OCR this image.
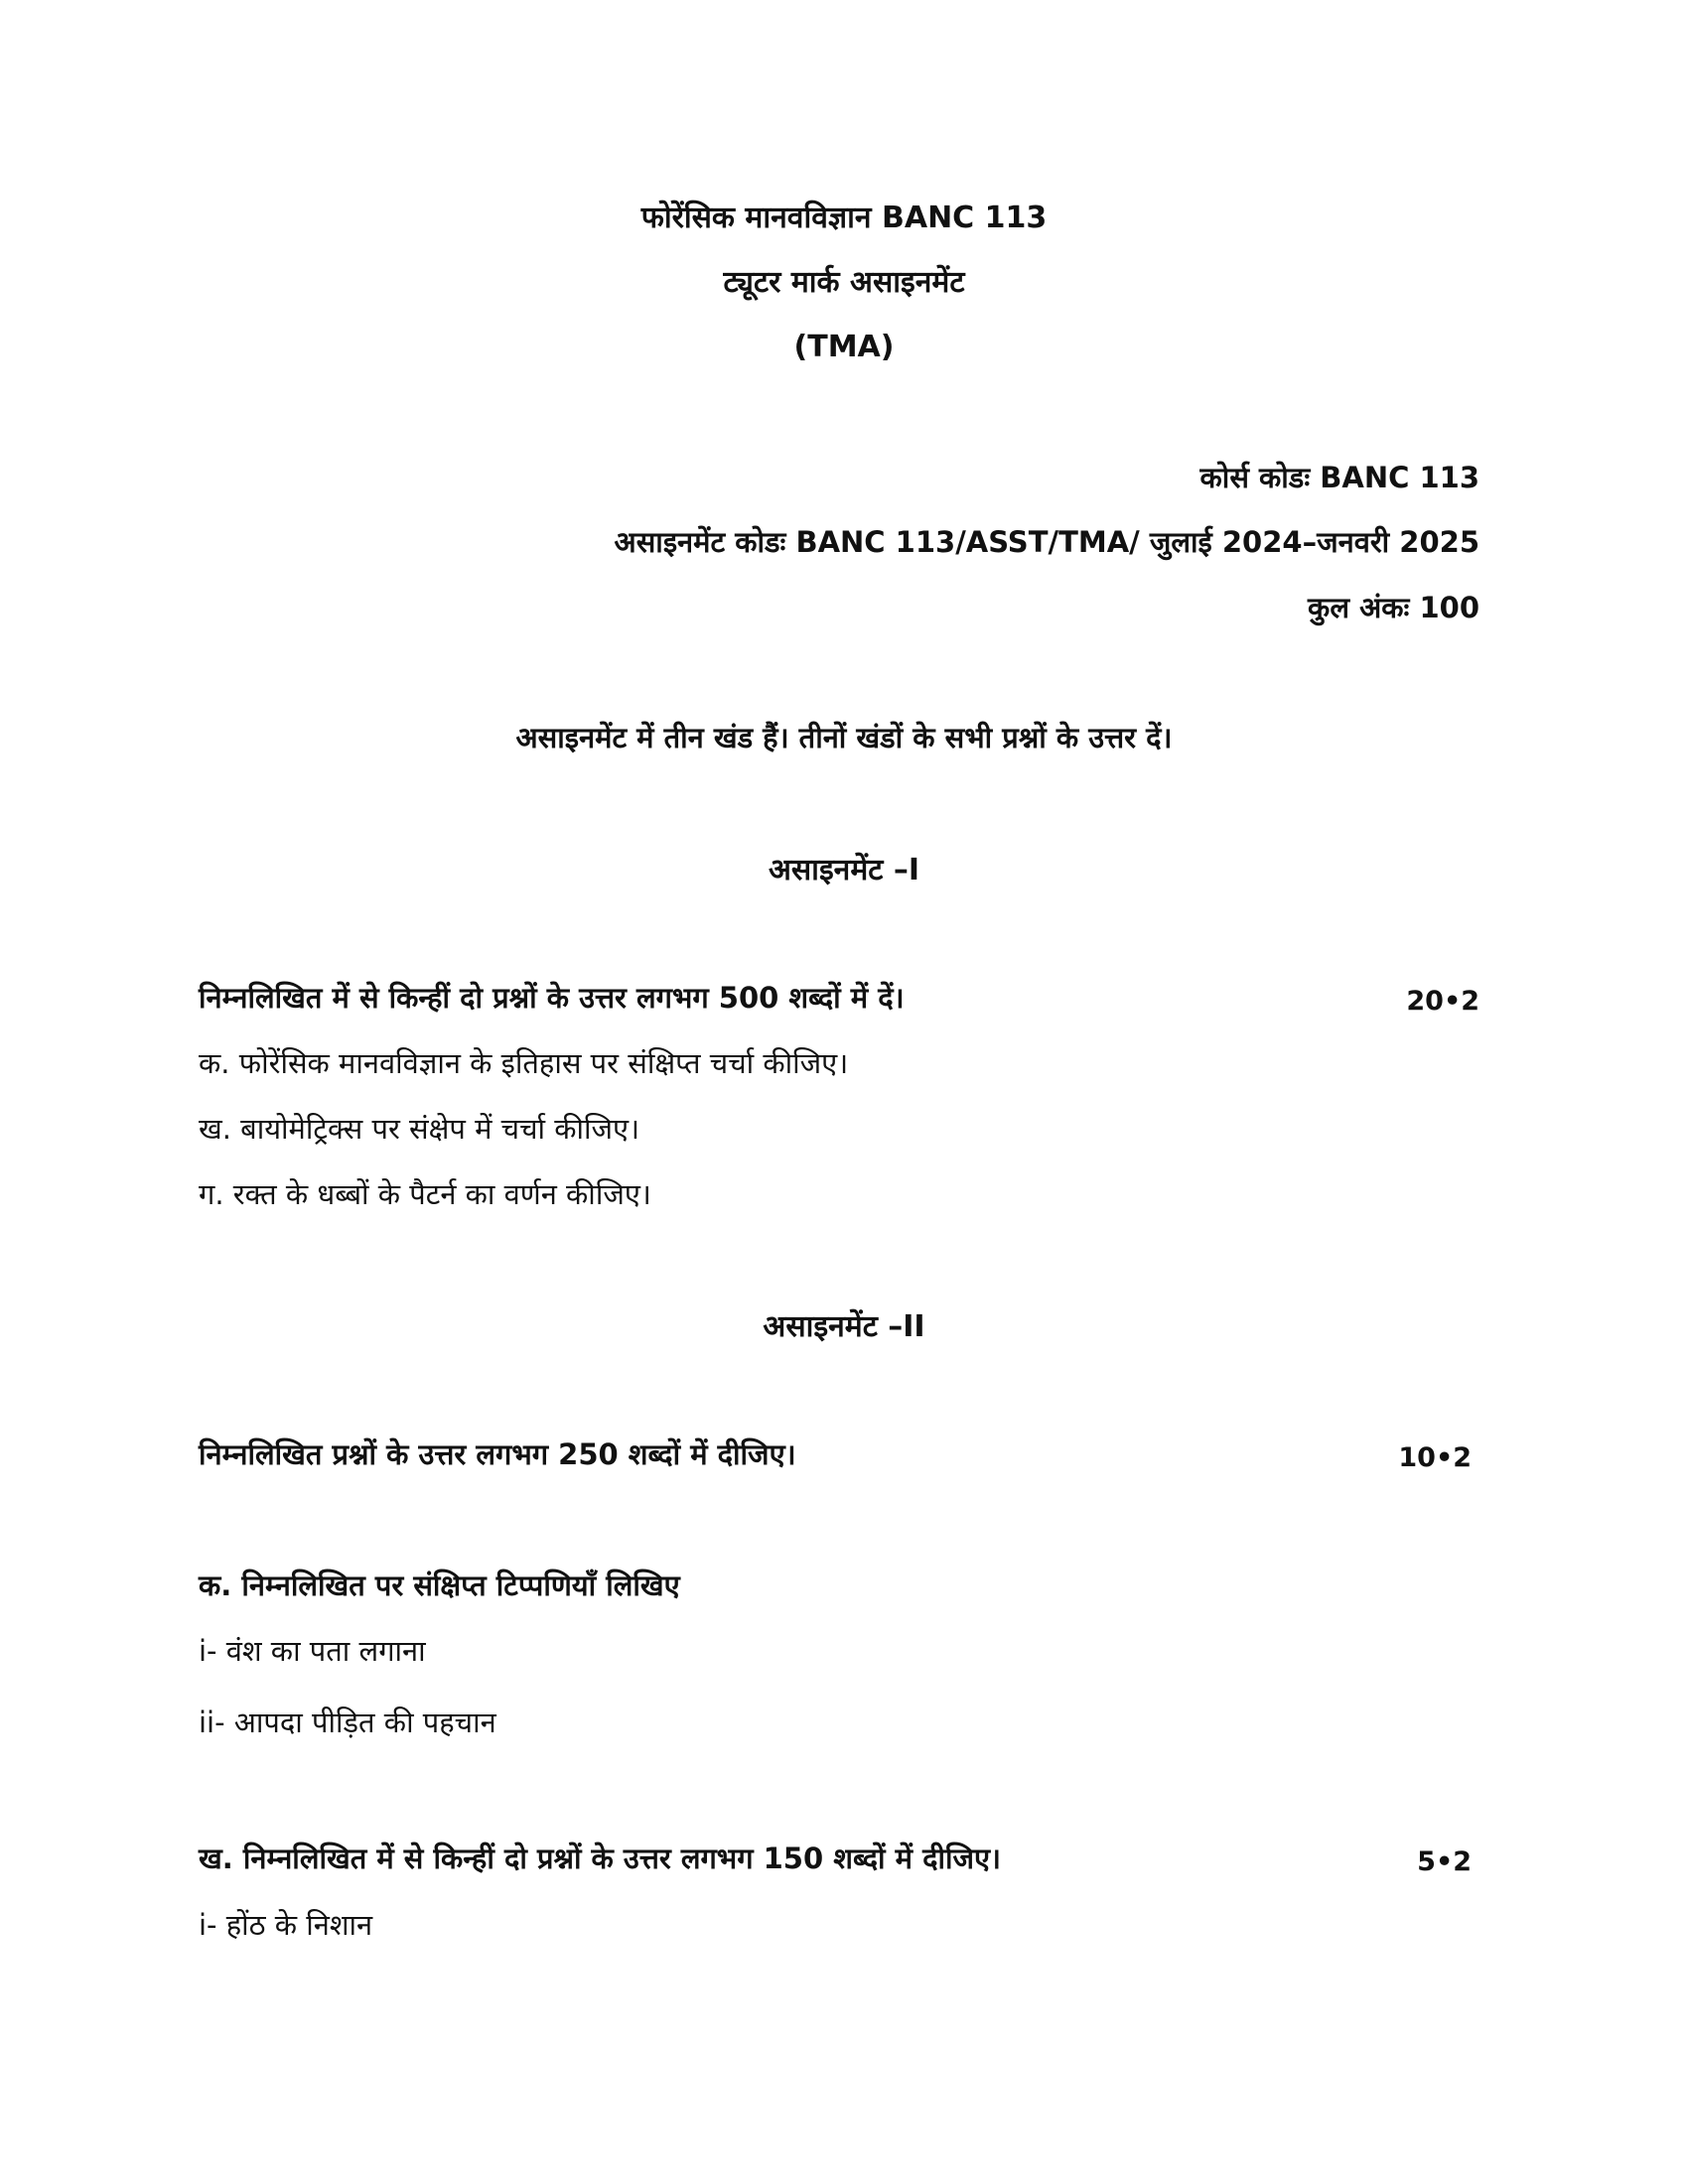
फोरेंसिक मानवविज्ञान BANC 113
ट्यूटर मार्क असाइनमेंट
(TMA)
कोर्स कोडः BANC 113
असाइनमेंट कोडः BANC 113/ASST/TMA/ जुलाई 2024–जनवरी 2025
कुल अंकः 100
असाइनमेंट में तीन खंड हैं। तीनों खंडों के सभी प्रश्नों के उत्तर दें।
असाइनमेंट –I
निम्नलिखित में से किन्हीं दो प्रश्नों के उत्तर लगभग 500 शब्दों में दें।	20•2
क. फोरेंसिक मानवविज्ञान के इतिहास पर संक्षिप्त चर्चा कीजिए।
ख. बायोमेट्रिक्स पर संक्षेप में चर्चा कीजिए।
ग. रक्त के धब्बों के पैटर्न का वर्णन कीजिए।
असाइनमेंट –II
निम्नलिखित प्रश्नों के उत्तर लगभग 250 शब्दों में दीजिए।	10•2
क. निम्नलिखित पर संक्षिप्त टिप्पणियाँ लिखिए
i- वंश का पता लगाना
ii- आपदा पीड़ित की पहचान
ख. निम्नलिखित में से किन्हीं दो प्रश्नों के उत्तर लगभग 150 शब्दों में दीजिए।	5•2
i- होंठ के निशान
